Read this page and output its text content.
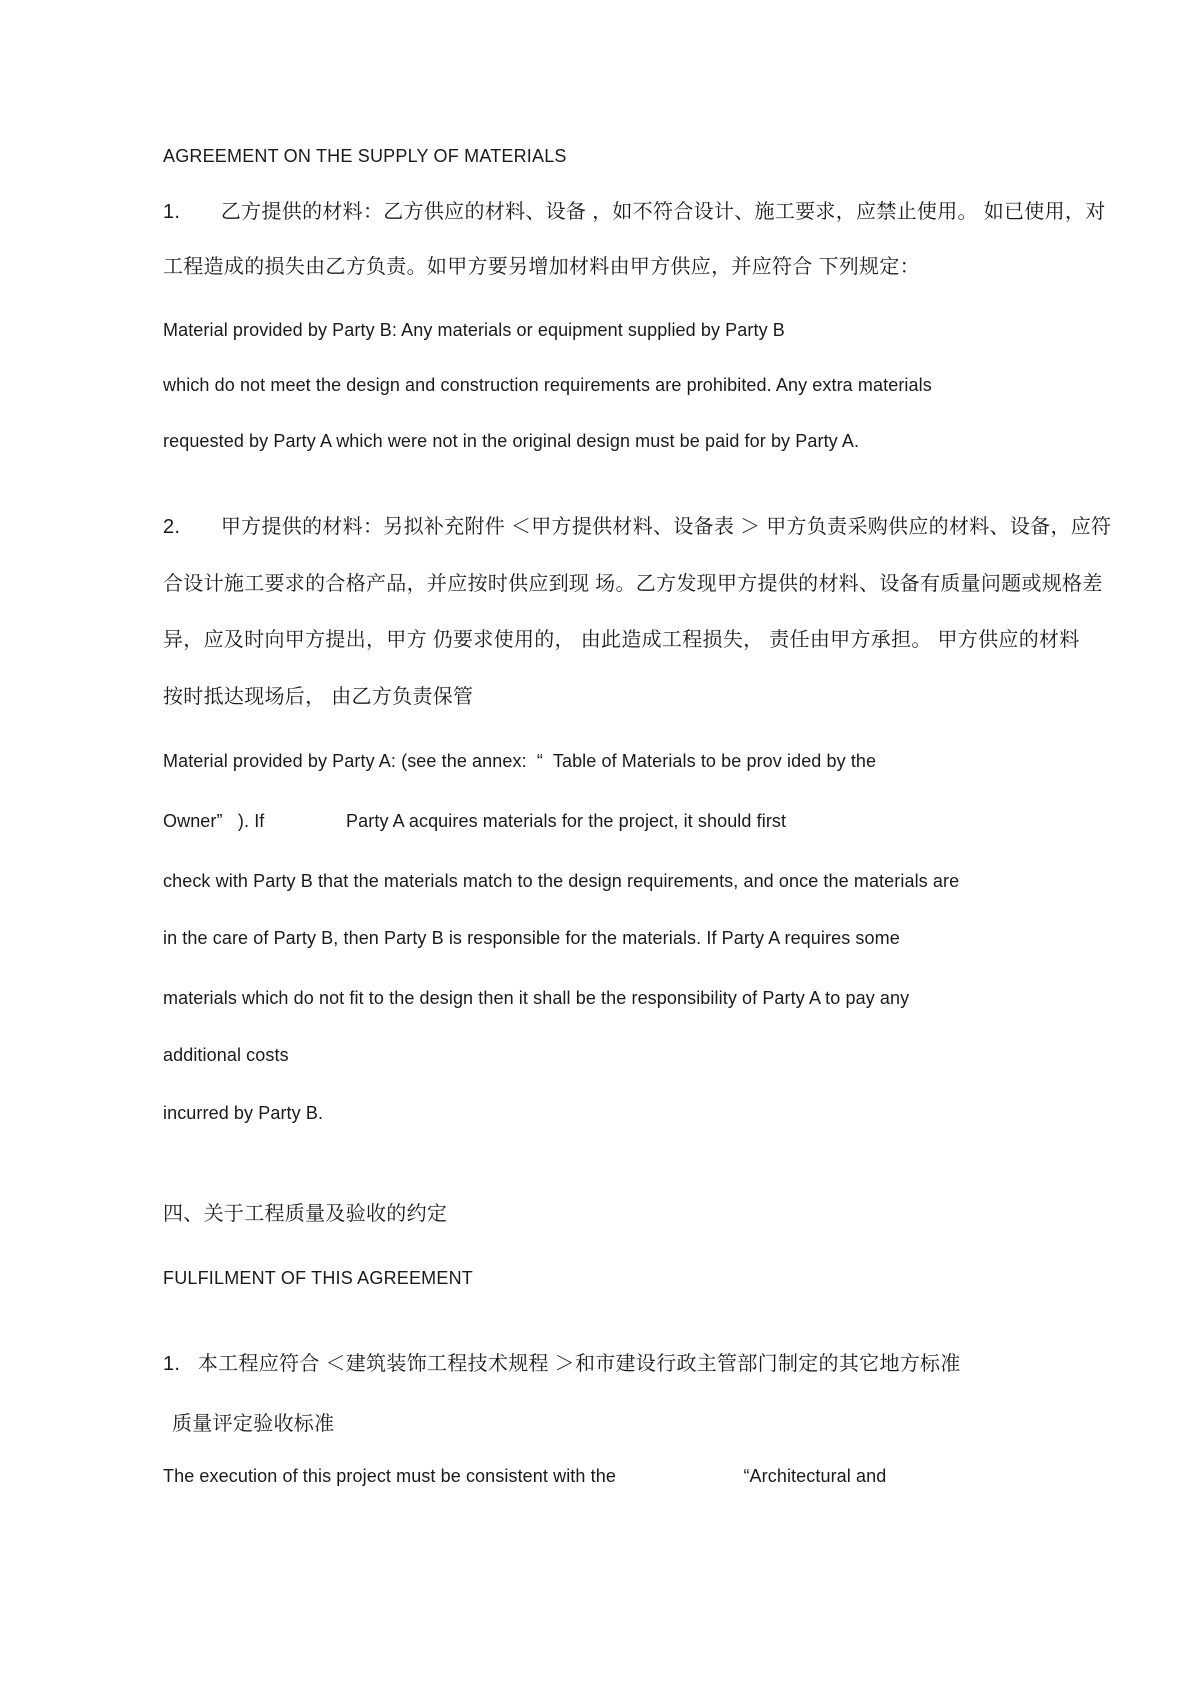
AGREEMENT ON THE SUPPLY OF MATERIALS
1.　　乙方提供的材料：乙方供应的材料、设备 ，如不符合设计、施工要求，应禁止使用。 如已使用，对
工程造成的损失由乙方负责。如甲方要另增加材料由甲方供应，并应符合 下列规定：
Material provided by Party B: Any materials or equipment supplied by Party B
which do not meet the design and construction requirements are prohibited. Any extra materials
requested by Party A which were not in the original design must be paid for by Party A.
2.　　甲方提供的材料：另拟补充附件 ＜甲方提供材料、设备表 ＞ 甲方负责采购供应的材料、设备，应符
合设计施工要求的合格产品，并应按时供应到现 场。乙方发现甲方提供的材料、设备有质量问题或规格差
异，应及时向甲方提出，甲方 仍要求使用的， 由此造成工程损失， 责任由甲方承担。 甲方供应的材料
按时抵达现场后， 由乙方负责保管
Material provided by Party A: (see the annex:  “  Table of Materials to be prov ided by the
Owner”   ). If                Party A acquires materials for the project, it should first
check with Party B that the materials match to the design requirements, and once the materials are
in the care of Party B, then Party B is responsible for the materials. If Party A requires some
materials which do not fit to the design then it shall be the responsibility of Party A to pay any
additional costs
incurred by Party B.
四、关于工程质量及验收的约定
FULFILMENT OF THIS AGREEMENT
1.   本工程应符合 ＜建筑装饰工程技术规程 ＞和市建设行政主管部门制定的其它地方标准
质量评定验收标准
The execution of this project must be consistent with the                         “Architectural and
